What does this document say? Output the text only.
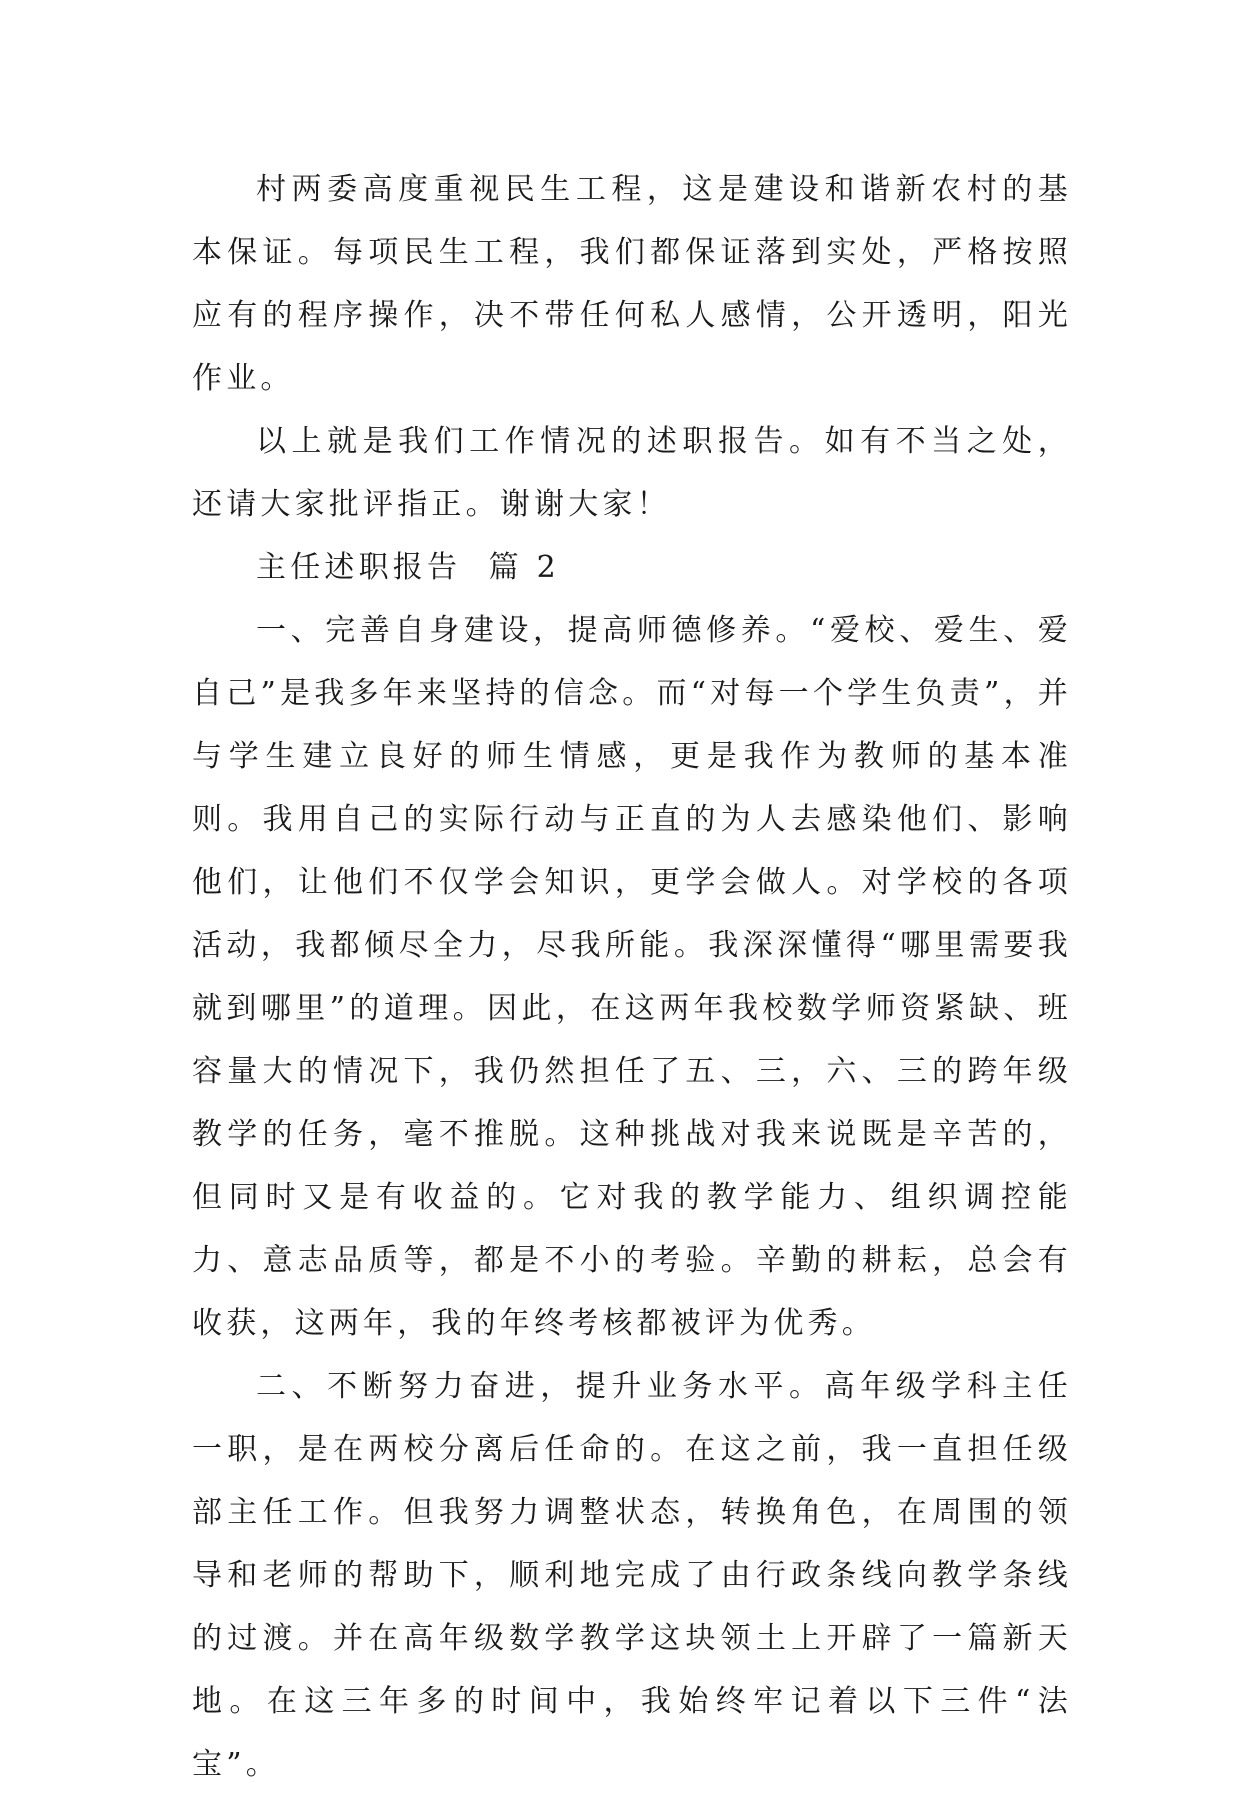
村两委高度重视民生工程，这是建设和谐新农村的基本保证。每项民生工程，我们都保证落到实处，严格按照应有的程序操作，决不带任何私人感情，公开透明，阳光作业。

以上就是我们工作情况的述职报告。如有不当之处，还请大家批评指正。谢谢大家！

主任述职报告  篇 2

一、完善自身建设，提高师德修养。“爱校、爱生、爱自己”是我多年来坚持的信念。而“对每一个学生负责”，并与学生建立良好的师生情感，更是我作为教师的基本准则。我用自己的实际行动与正直的为人去感染他们、影响他们，让他们不仅学会知识，更学会做人。对学校的各项活动，我都倾尽全力，尽我所能。我深深懂得“哪里需要我就到哪里”的道理。因此，在这两年我校数学师资紧缺、班容量大的情况下，我仍然担任了五、三，六、三的跨年级教学的任务，毫不推脱。这种挑战对我来说既是辛苦的，但同时又是有收益的。它对我的教学能力、组织调控能力、意志品质等，都是不小的考验。辛勤的耕耘，总会有收获，这两年，我的年终考核都被评为优秀。

二、不断努力奋进，提升业务水平。高年级学科主任一职，是在两校分离后任命的。在这之前，我一直担任级部主任工作。但我努力调整状态，转换角色，在周围的领导和老师的帮助下，顺利地完成了由行政条线向教学条线的过渡。并在高年级数学教学这块领土上开辟了一篇新天地。在这三年多的时间中，我始终牢记着以下三件“法宝”。
